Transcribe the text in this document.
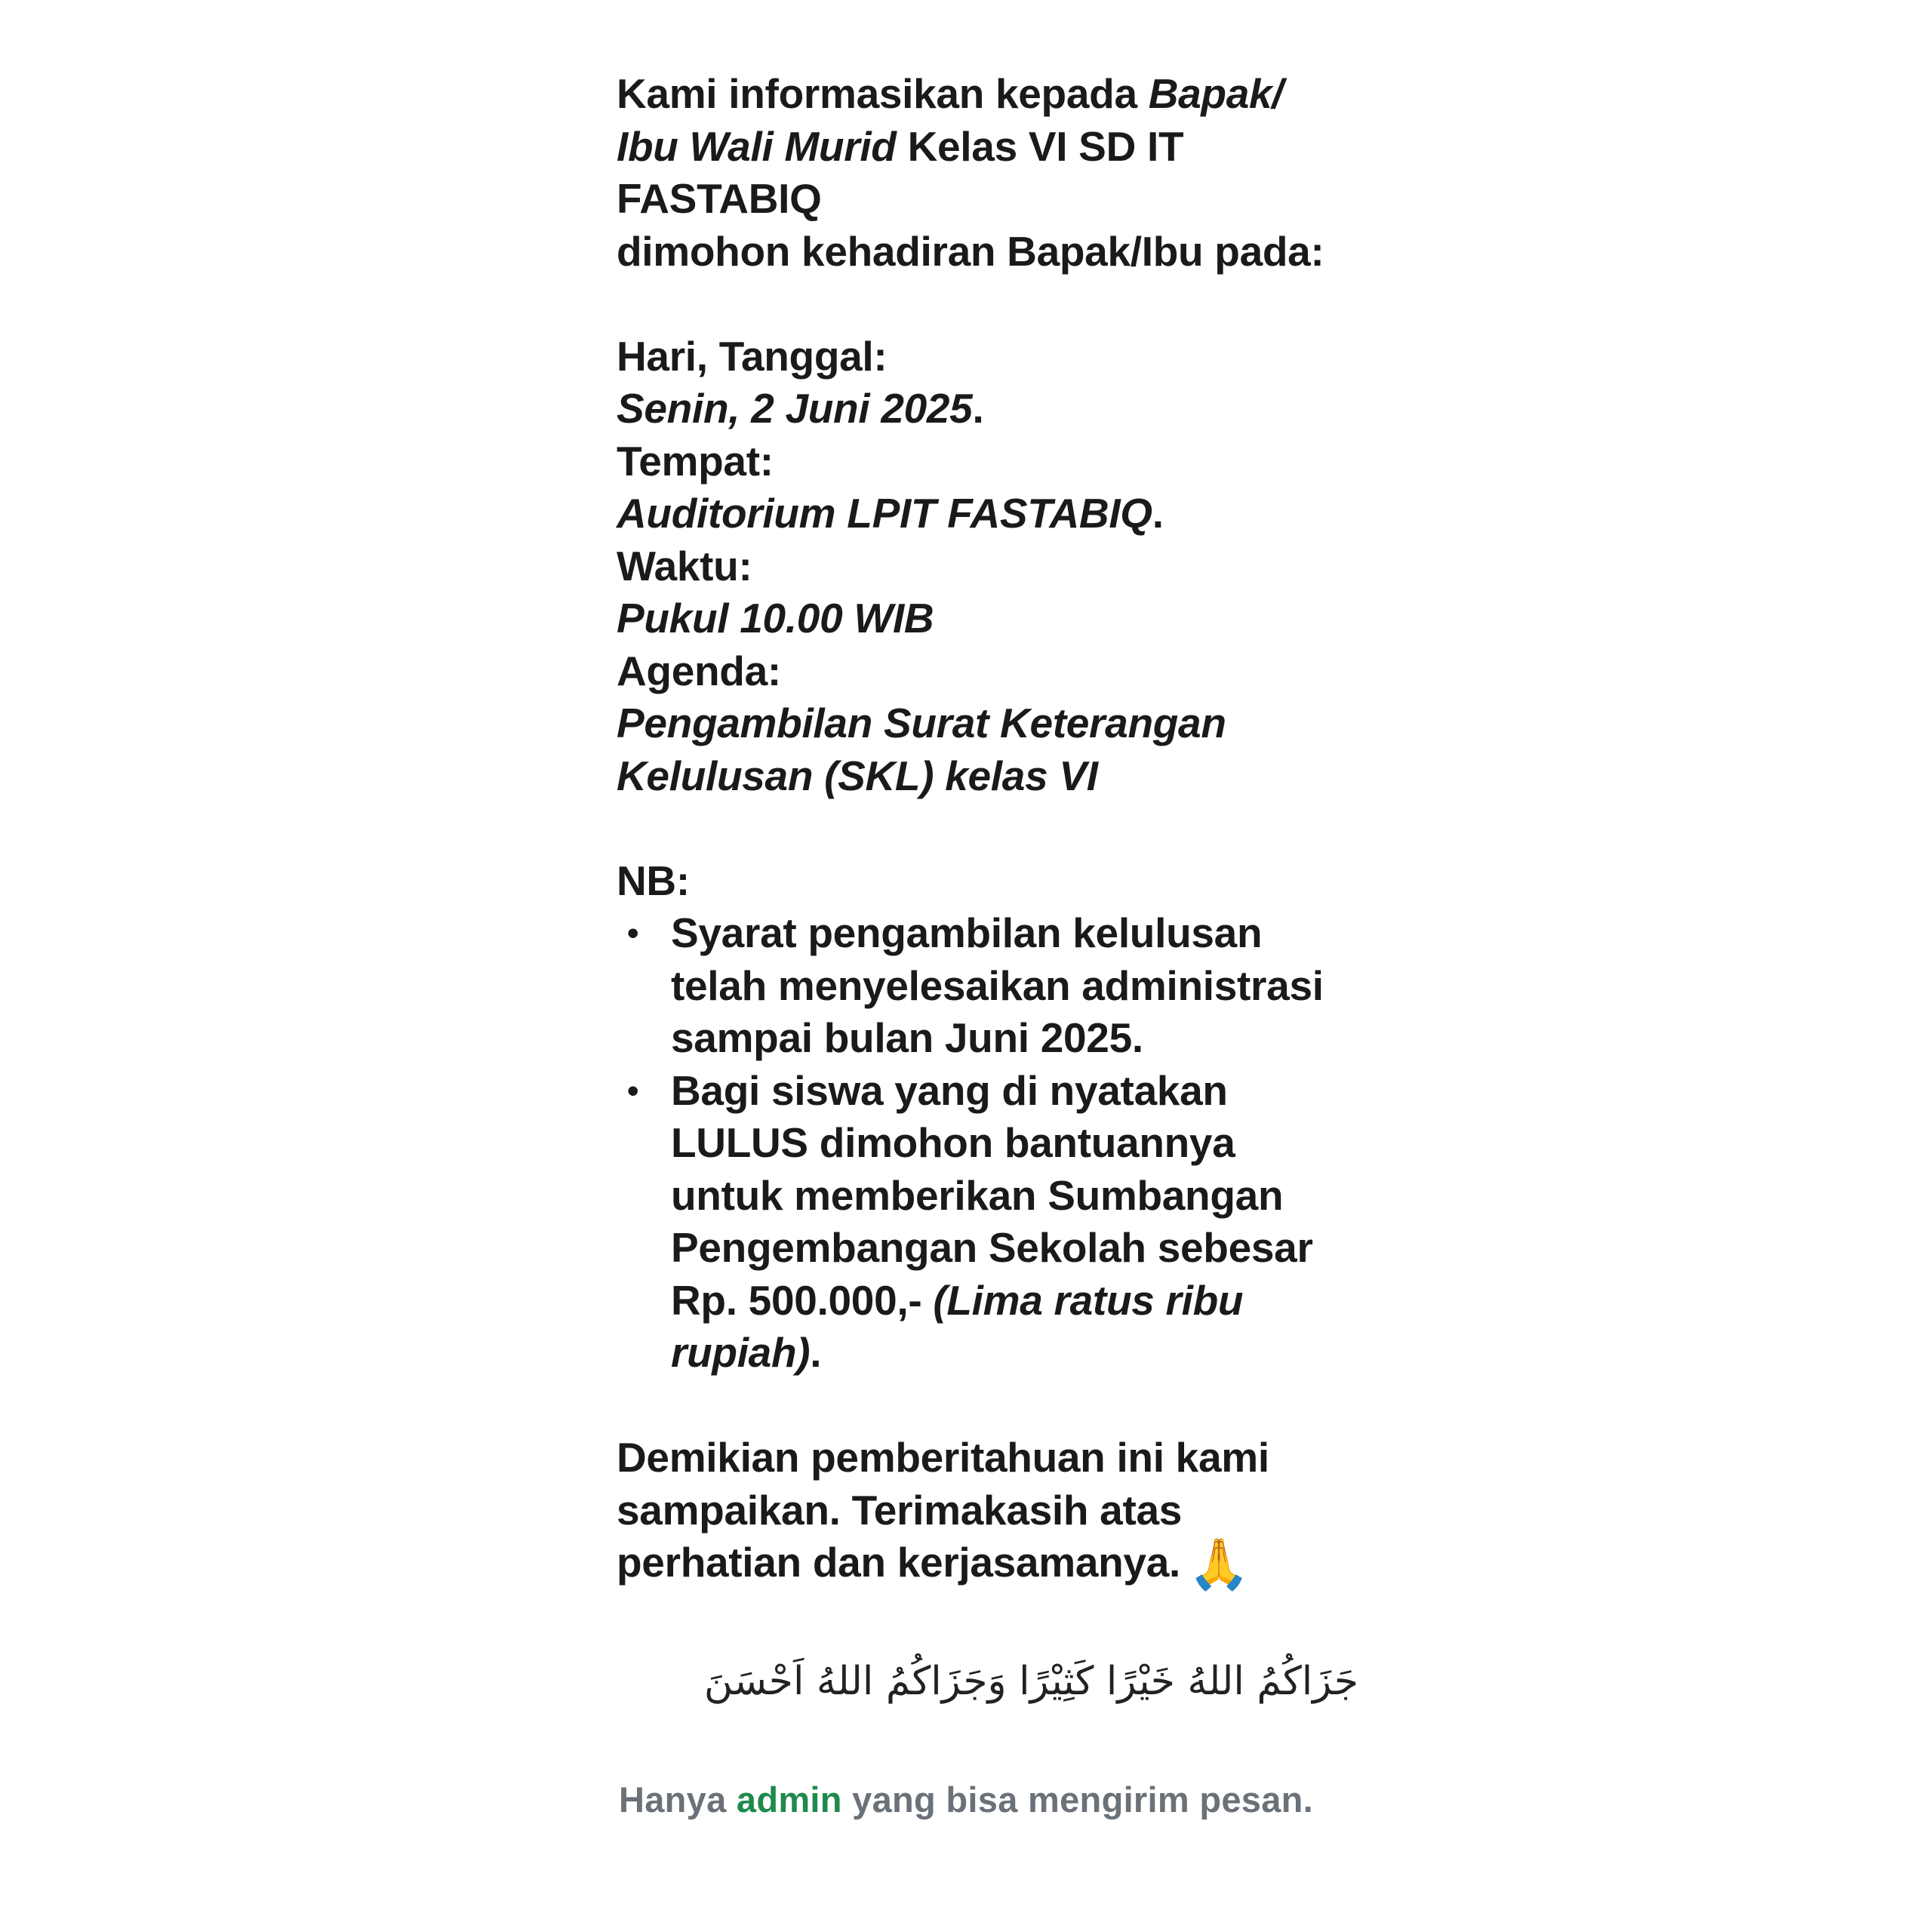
Kami informasikan kepada Bapak/
Ibu Wali Murid Kelas VI SD IT
FASTABIQ
dimohon kehadiran Bapak/Ibu pada:
Hari, Tanggal:
Senin, 2 Juni 2025.
Tempat:
Auditorium LPIT FASTABIQ.
Waktu:
Pukul 10.00 WIB
Agenda:
Pengambilan Surat Keterangan
Kelulusan (SKL) kelas VI
NB:
• Syarat pengambilan kelulusan
telah menyelesaikan administrasi
sampai bulan Juni 2025.
• Bagi siswa yang di nyatakan
LULUS dimohon bantuannya
untuk memberikan Sumbangan
Pengembangan Sekolah sebesar
Rp. 500.000,- (Lima ratus ribu
rupiah).
Demikian pemberitahuan ini kami
sampaikan. Terimakasih atas
perhatian dan kerjasamanya. 🙏
جَزَاكُمُ اللهُ خَيْرًا كَثِيْرًا وَجَزَاكُمُ اللهُ اَحْسَنَ
Hanya admin yang bisa mengirim pesan.
